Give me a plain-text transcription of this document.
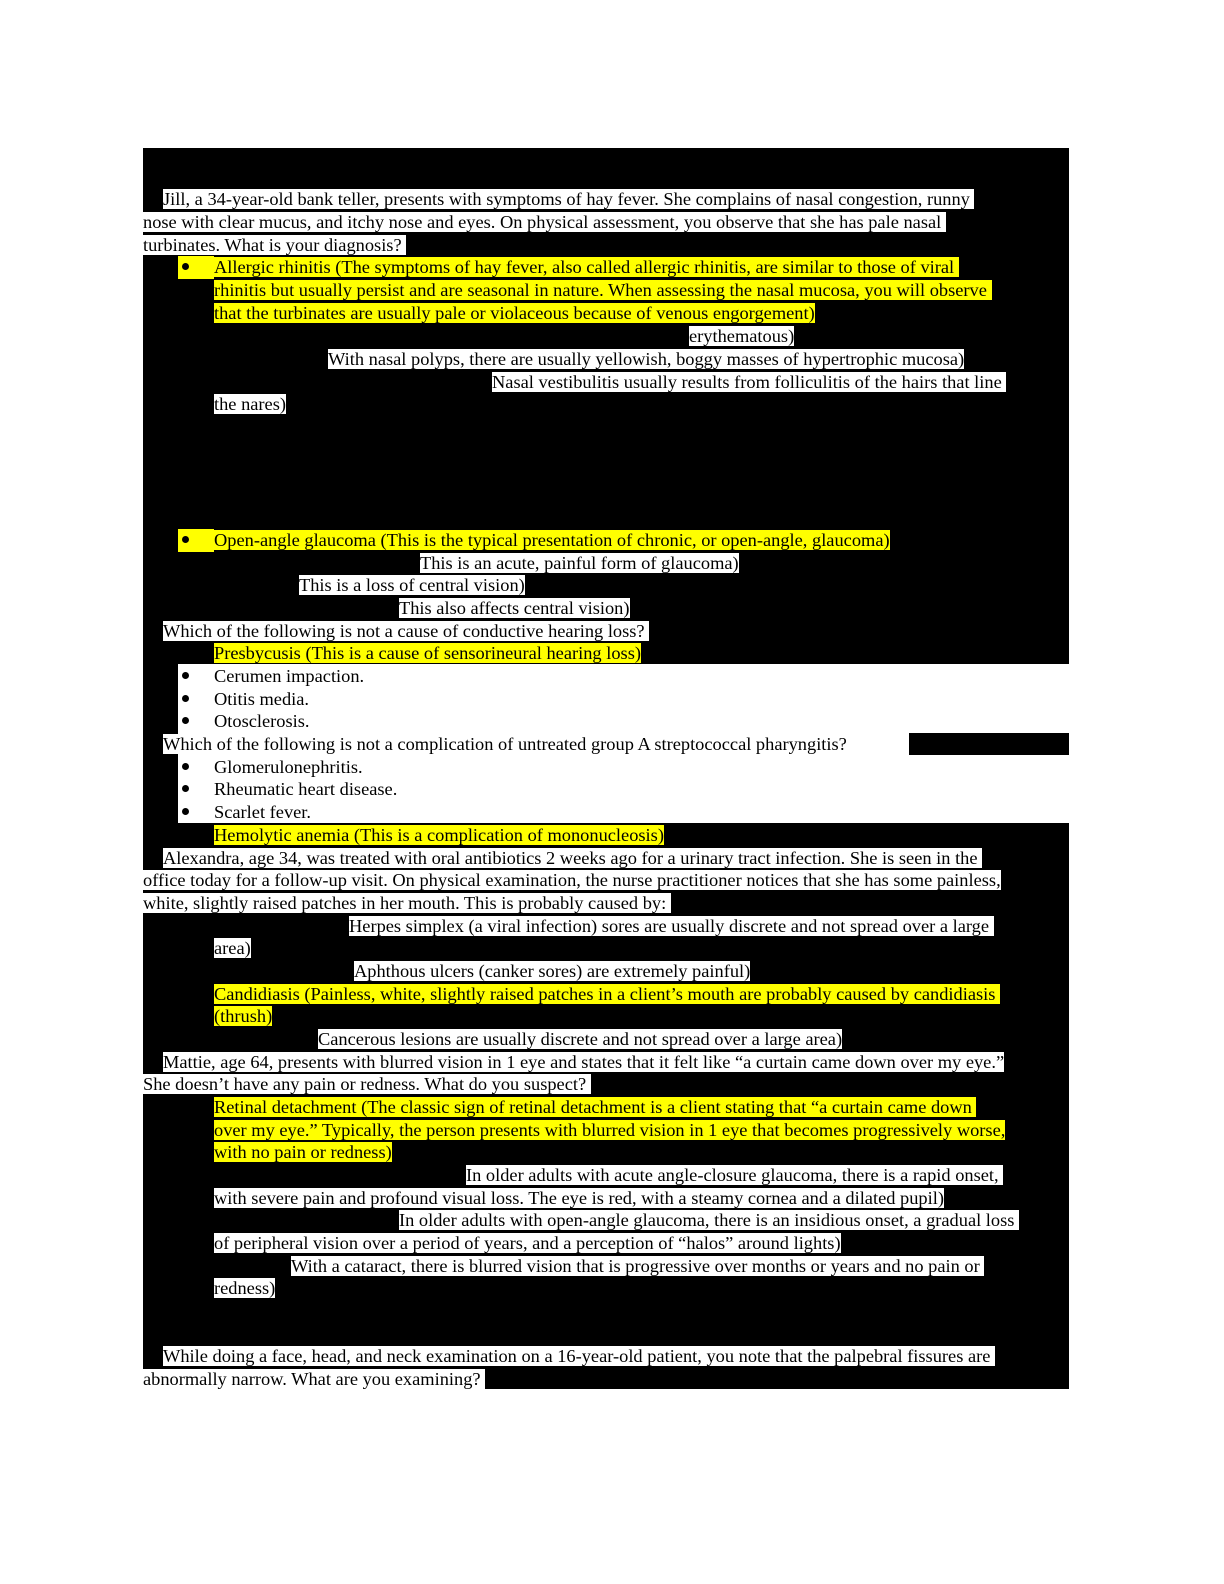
Jill, a 34-year-old bank teller, presents with symptoms of hay fever. She complains of nasal congestion, runny
nose with clear mucus, and itchy nose and eyes. On physical assessment, you observe that she has pale nasal
turbinates. What is your diagnosis?
Allergic rhinitis (The symptoms of hay fever, also called allergic rhinitis, are similar to those of viral
rhinitis but usually persist and are seasonal in nature. When assessing the nasal mucosa, you will observe
that the turbinates are usually pale or violaceous because of venous engorgement)
erythematous)
With nasal polyps, there are usually yellowish, boggy masses of hypertrophic mucosa)
Nasal vestibulitis usually results from folliculitis of the hairs that line
the nares)
Open-angle glaucoma (This is the typical presentation of chronic, or open-angle, glaucoma)
This is an acute, painful form of glaucoma)
This is a loss of central vision)
This also affects central vision)
Which of the following is not a cause of conductive hearing loss?
Presbycusis (This is a cause of sensorineural hearing loss)
Cerumen impaction.
Otitis media.
Otosclerosis.
Which of the following is not a complication of untreated group A streptococcal pharyngitis?
Glomerulonephritis.
Rheumatic heart disease.
Scarlet fever.
Hemolytic anemia (This is a complication of mononucleosis)
Alexandra, age 34, was treated with oral antibiotics 2 weeks ago for a urinary tract infection. She is seen in the
office today for a follow-up visit. On physical examination, the nurse practitioner notices that she has some painless,
white, slightly raised patches in her mouth. This is probably caused by:
Herpes simplex (a viral infection) sores are usually discrete and not spread over a large
area)
Aphthous ulcers (canker sores) are extremely painful)
Candidiasis (Painless, white, slightly raised patches in a client’s mouth are probably caused by candidiasis
(thrush)
Cancerous lesions are usually discrete and not spread over a large area)
Mattie, age 64, presents with blurred vision in 1 eye and states that it felt like “a curtain came down over my eye.”
She doesn’t have any pain or redness. What do you suspect?
Retinal detachment (The classic sign of retinal detachment is a client stating that “a curtain came down
over my eye.” Typically, the person presents with blurred vision in 1 eye that becomes progressively worse,
with no pain or redness)
In older adults with acute angle-closure glaucoma, there is a rapid onset,
with severe pain and profound visual loss. The eye is red, with a steamy cornea and a dilated pupil)
In older adults with open-angle glaucoma, there is an insidious onset, a gradual loss
of peripheral vision over a period of years, and a perception of “halos” around lights)
With a cataract, there is blurred vision that is progressive over months or years and no pain or
redness)
While doing a face, head, and neck examination on a 16-year-old patient, you note that the palpebral fissures are
abnormally narrow. What are you examining?
